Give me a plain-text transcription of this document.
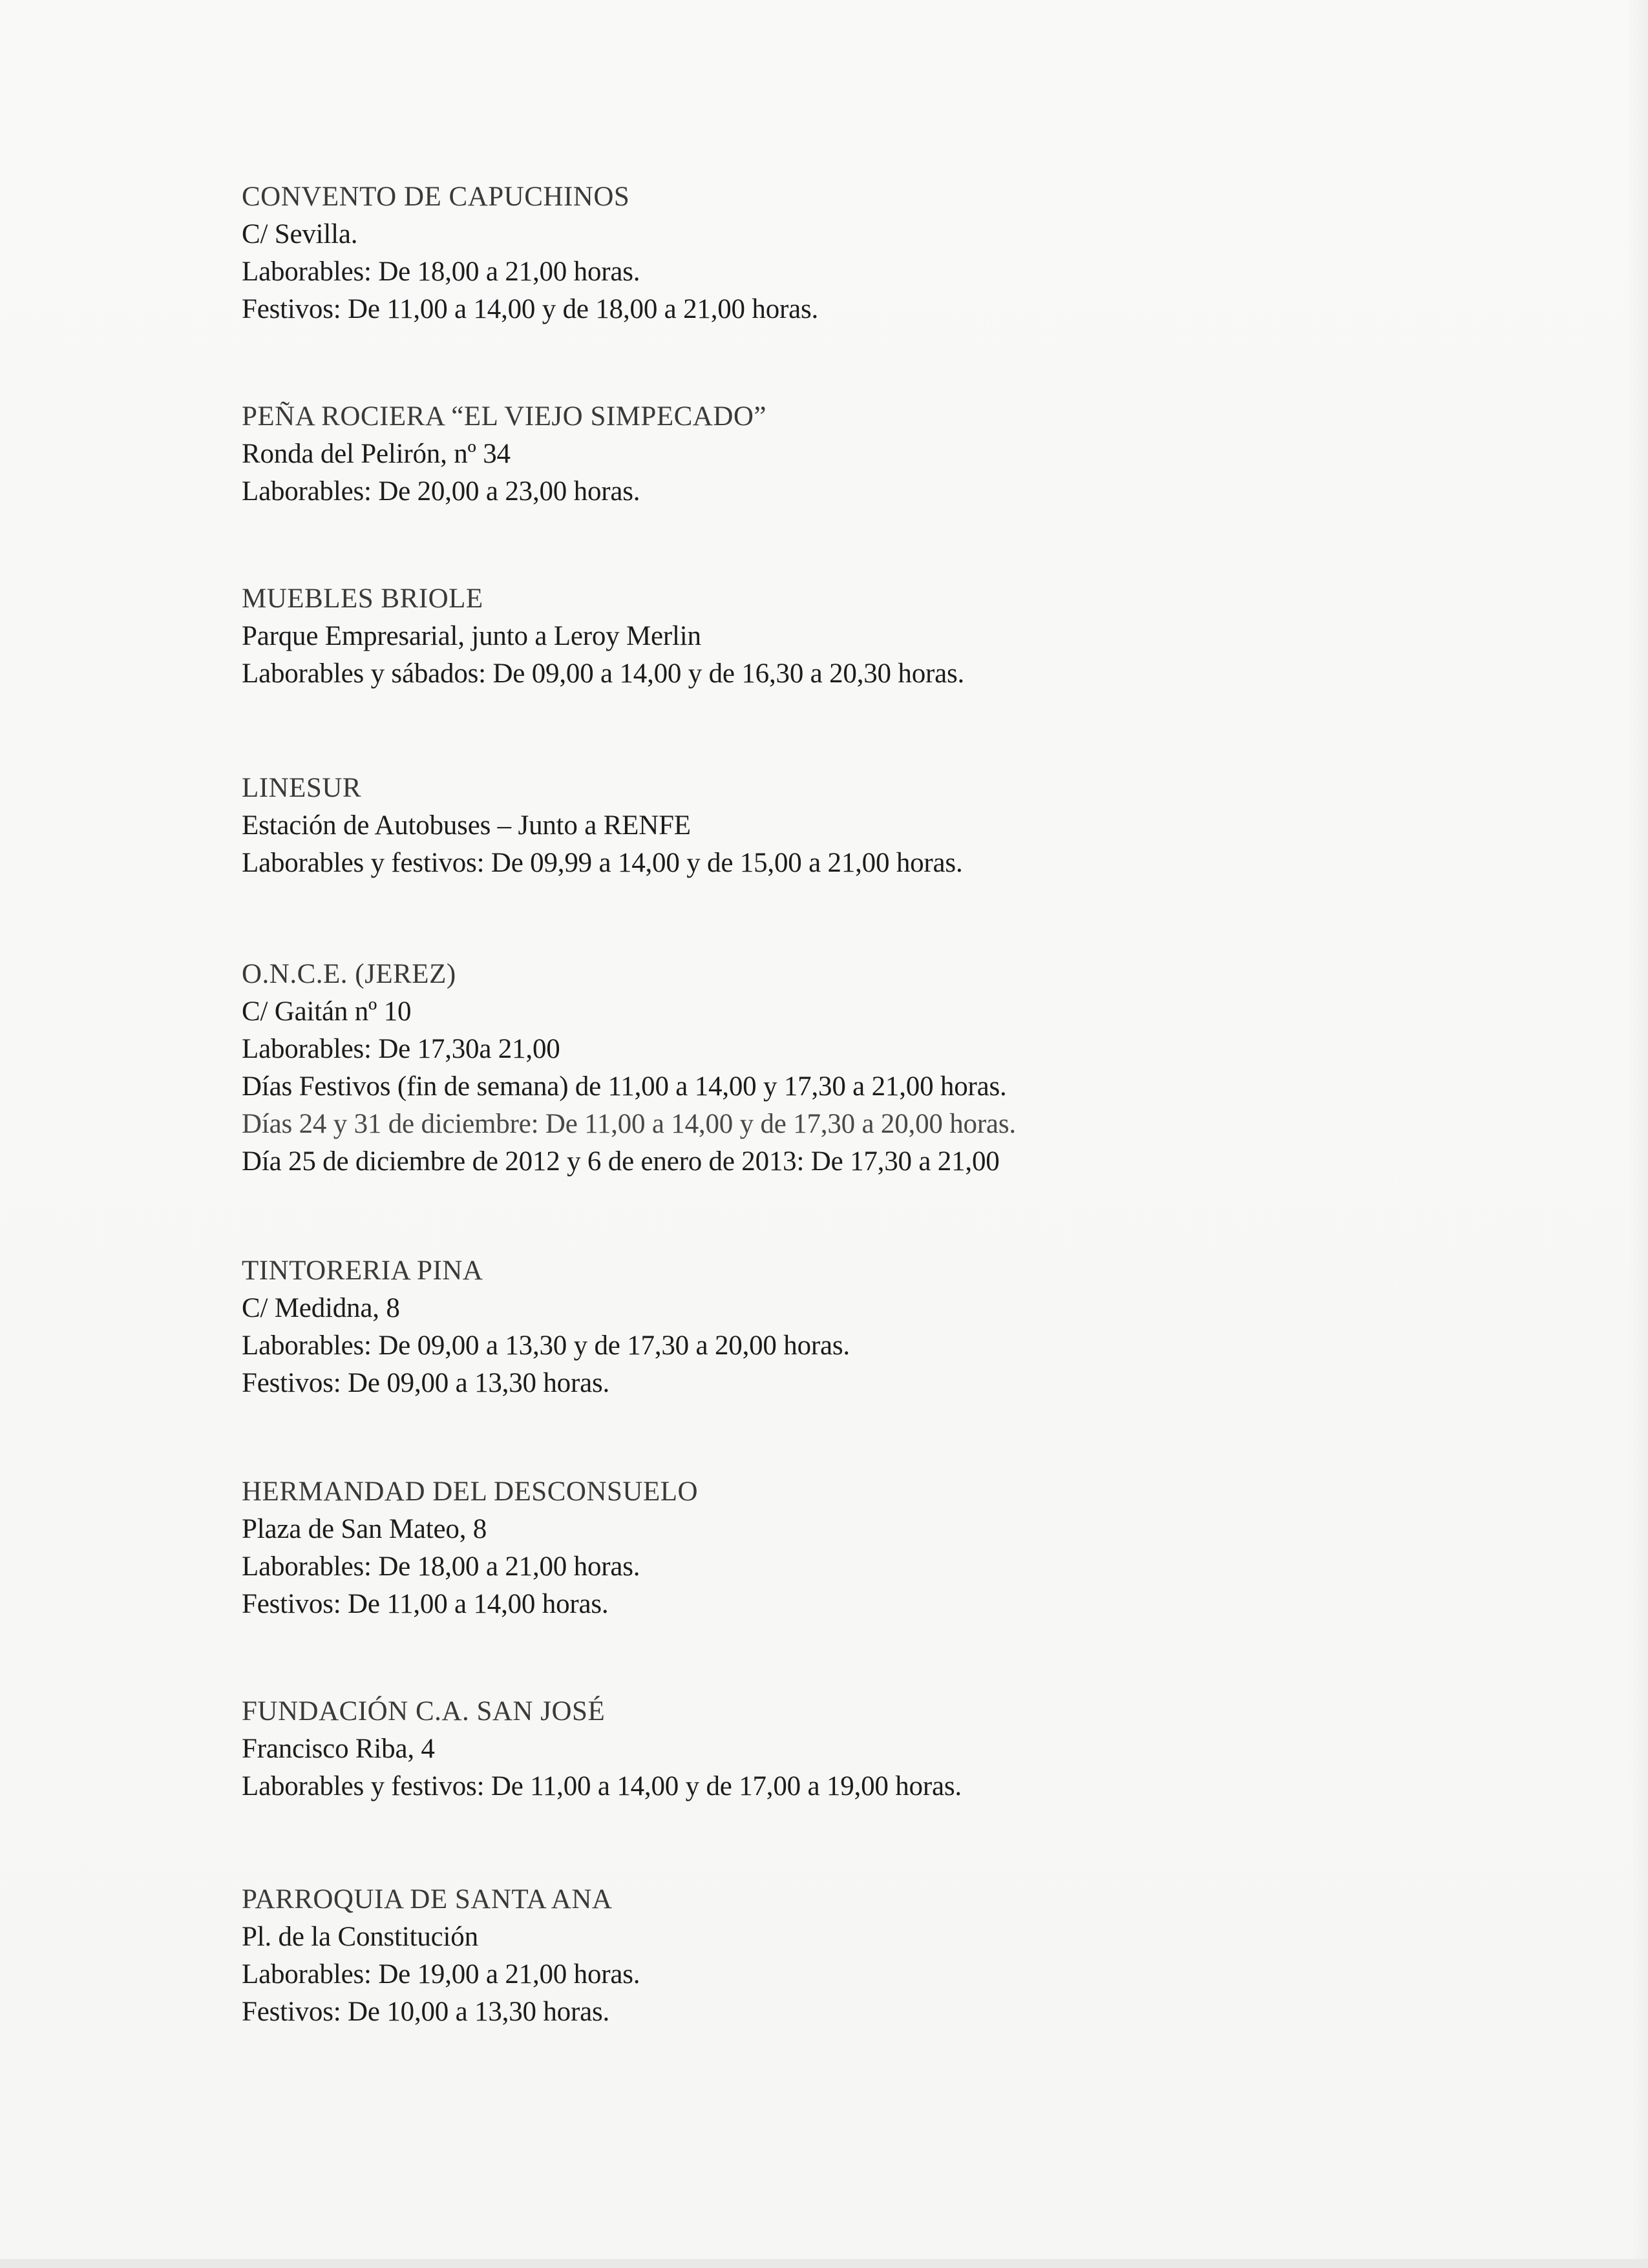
CONVENTO DE CAPUCHINOS
C/ Sevilla.
Laborables: De 18,00 a 21,00 horas.
Festivos: De 11,00 a 14,00 y de 18,00 a 21,00 horas.
PEÑA ROCIERA “EL VIEJO SIMPECADO”
Ronda del Pelirón, nº 34
Laborables: De 20,00 a 23,00 horas.
MUEBLES BRIOLE
Parque Empresarial, junto a Leroy Merlin
Laborables y sábados: De 09,00 a 14,00 y de 16,30 a 20,30 horas.
LINESUR
Estación de Autobuses – Junto a RENFE
Laborables y festivos: De 09,99 a 14,00 y de 15,00 a 21,00 horas.
O.N.C.E. (JEREZ)
C/ Gaitán nº 10
Laborables: De 17,30a 21,00
Días Festivos (fin de semana) de 11,00 a 14,00 y 17,30 a 21,00 horas.
Días 24 y 31 de diciembre: De 11,00 a 14,00 y de 17,30 a 20,00 horas.
Día 25 de diciembre de 2012 y 6 de enero de 2013: De 17,30 a 21,00
TINTORERIA PINA
C/ Medidna, 8
Laborables: De 09,00 a 13,30 y de 17,30 a 20,00 horas.
Festivos: De 09,00 a 13,30 horas.
HERMANDAD DEL DESCONSUELO
Plaza de San Mateo, 8
Laborables: De 18,00 a 21,00 horas.
Festivos: De 11,00 a 14,00 horas.
FUNDACIÓN C.A. SAN JOSÉ
Francisco Riba, 4
Laborables y festivos: De 11,00 a 14,00 y de 17,00 a 19,00 horas.
PARROQUIA DE SANTA ANA
Pl. de la Constitución
Laborables: De 19,00 a 21,00 horas.
Festivos: De 10,00 a 13,30 horas.
